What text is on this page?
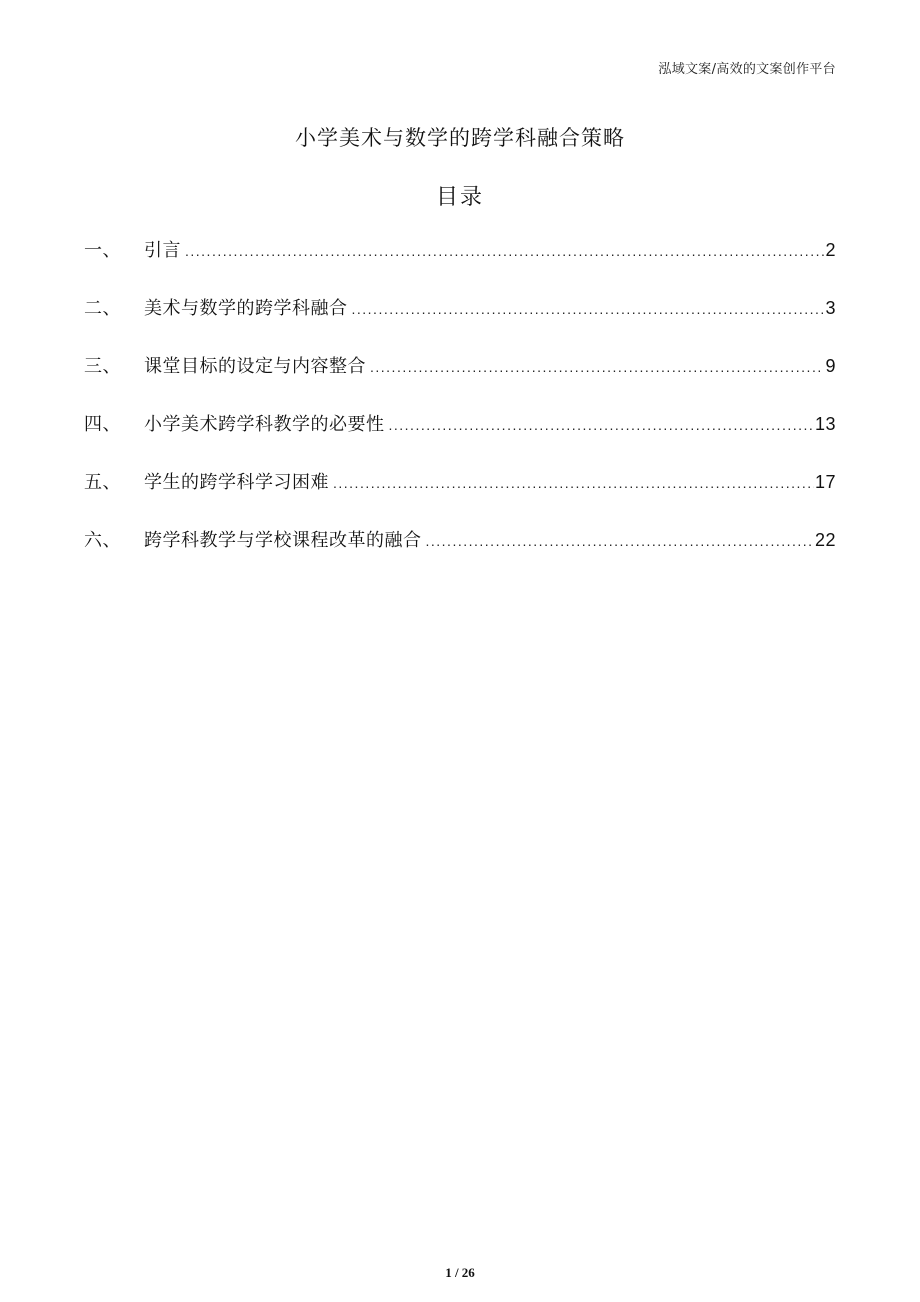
泓域文案/高效的文案创作平台
小学美术与数学的跨学科融合策略
目录
一、	引言 .....	2
二、	美术与数学的跨学科融合 .....	3
三、	课堂目标的设定与内容整合 .....	9
四、	小学美术跨学科教学的必要性 .....	13
五、	学生的跨学科学习困难 .....	17
六、	跨学科教学与学校课程改革的融合 .....	22
1 / 26
